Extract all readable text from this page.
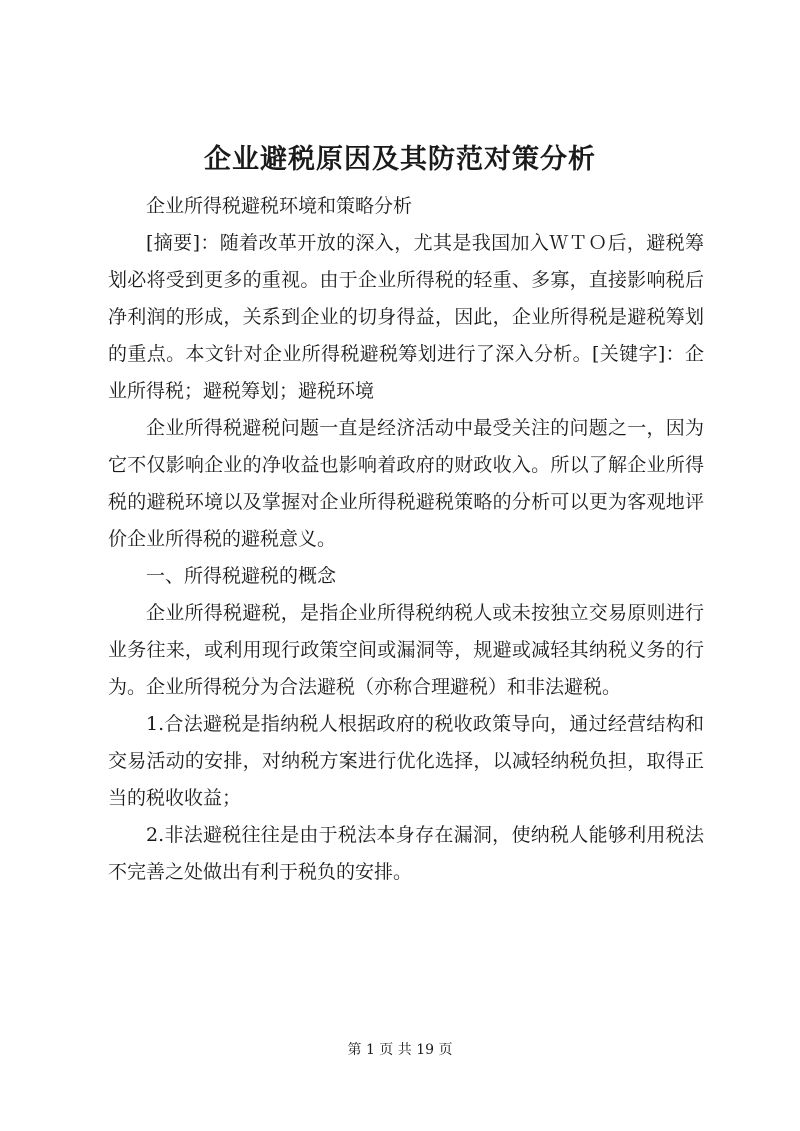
企业避税原因及其防范对策分析

企业所得税避税环境和策略分析

[摘要]：随着改革开放的深入，尤其是我国加入ＷＴＯ后，避税筹划必将受到更多的重视。由于企业所得税的轻重、多寡，直接影响税后净利润的形成，关系到企业的切身得益，因此，企业所得税是避税筹划的重点。本文针对企业所得税避税筹划进行了深入分析。[关键字]：企业所得税；避税筹划；避税环境

企业所得税避税问题一直是经济活动中最受关注的问题之一，因为它不仅影响企业的净收益也影响着政府的财政收入。所以了解企业所得税的避税环境以及掌握对企业所得税避税策略的分析可以更为客观地评价企业所得税的避税意义。

一、所得税避税的概念

企业所得税避税，是指企业所得税纳税人或未按独立交易原则进行业务往来，或利用现行政策空间或漏洞等，规避或减轻其纳税义务的行为。企业所得税分为合法避税（亦称合理避税）和非法避税。

1.合法避税是指纳税人根据政府的税收政策导向，通过经营结构和交易活动的安排，对纳税方案进行优化选择，以减轻纳税负担，取得正当的税收收益；

2.非法避税往往是由于税法本身存在漏洞，使纳税人能够利用税法不完善之处做出有利于税负的安排。

第 1 页 共 19 页
